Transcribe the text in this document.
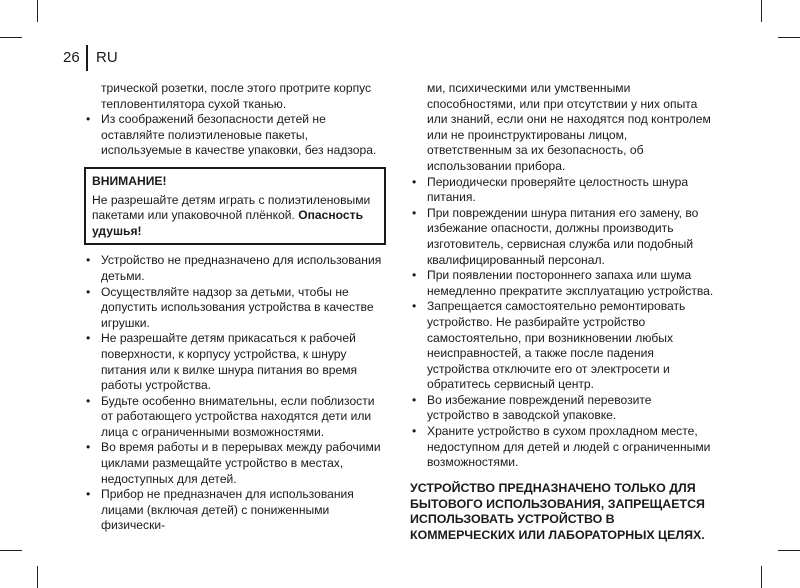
26 RU

трической розетки, после этого протрите корпус тепловентилятора сухой тканью.

• Из соображений безопасности детей не оставляйте полиэтиленовые пакеты, используемые в качестве упаковки, без надзора.
ВНИМАНИЕ!
Не разрешайте детям играть с полиэтиленовыми пакетами или упаковочной плёнкой. Опасность удушья!
• Устройство не предназначено для использования детьми.
• Осуществляйте надзор за детьми, чтобы не допустить использования устройства в качестве игрушки.
• Не разрешайте детям прикасаться к рабочей поверхности, к корпусу устройства, к шнуру питания или к вилке шнура питания во время работы устройства.
• Будьте особенно внимательны, если поблизости от работающего устройства находятся дети или лица с ограниченными возможностями.
• Во время работы и в перерывах между рабочими циклами размещайте устройство в местах, недоступных для детей.
• Прибор не предназначен для использования лицами (включая детей) с пониженными физически-

ми, психическими или умственными способностями, или при отсутствии у них опыта или знаний, если они не находятся под контролем или не проинструктированы лицом, ответственным за их безопасность, об использовании прибора.

• Периодически проверяйте целостность шнура питания.
• При повреждении шнура питания его замену, во избежание опасности, должны производить изготовитель, сервисная служба или подобный квалифицированный персонал.
• При появлении постороннего запаха или шума немедленно прекратите эксплуатацию устройства.
• Запрещается самостоятельно ремонтировать устройство. Не разбирайте устройство самостоятельно, при возникновении любых неисправностей, а также после падения устройства отключите его от электросети и обратитесь сервисный центр.
• Во избежание повреждений перевозите устройство в заводской упаковке.
• Храните устройство в сухом прохладном месте, недоступном для детей и людей с ограниченными возможностями.
УСТРОЙСТВО ПРЕДНАЗНАЧЕНО ТОЛЬКО ДЛЯ БЫТОВОГО ИСПОЛЬЗОВАНИЯ, ЗАПРЕЩАЕТСЯ ИСПОЛЬЗОВАТЬ УСТРОЙСТВО В КОММЕРЧЕСКИХ ИЛИ ЛАБОРАТОРНЫХ ЦЕЛЯХ.
